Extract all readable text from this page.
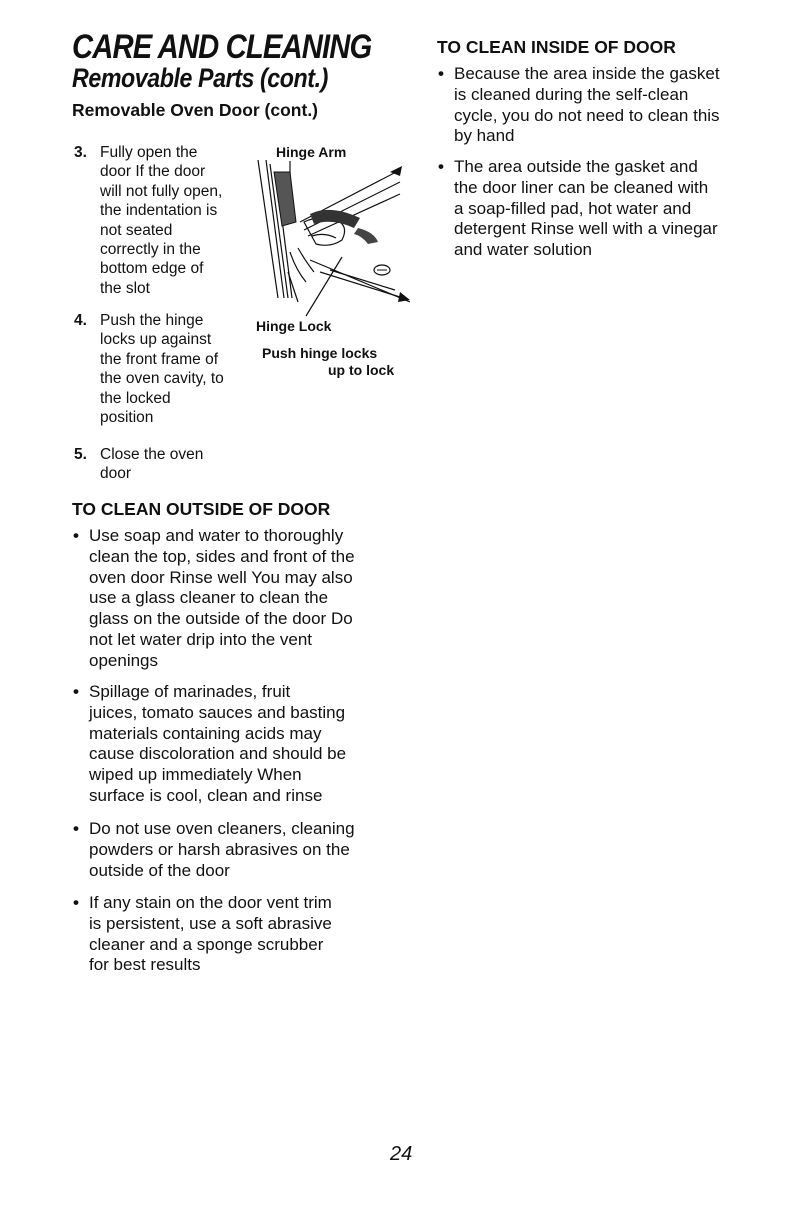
CARE AND CLEANING
Removable Parts (cont.)
Removable Oven Door (cont.)
3. Fully open the
door If the door
will not fully open,
the indentation is
not seated
correctly in the
bottom edge of
the slot
4. Push the hinge
locks up against
the front frame of
the oven cavity, to
the locked
position
5. Close the oven
door
Hinge Arm
Hinge Lock
Push hinge locks
up to lock
TO CLEAN OUTSIDE OF DOOR
• Use soap and water to thoroughly
clean the top, sides and front of the
oven door Rinse well You may also
use a glass cleaner to clean the
glass on the outside of the door Do
not let water drip into the vent
openings
• Spillage of marinades, fruit
juices, tomato sauces and basting
materials containing acids may
cause discoloration and should be
wiped up immediately When
surface is cool, clean and rinse
• Do not use oven cleaners, cleaning
powders or harsh abrasives on the
outside of the door
• If any stain on the door vent trim
is persistent, use a soft abrasive
cleaner and a sponge scrubber
for best results
TO CLEAN INSIDE OF DOOR
• Because the area inside the gasket
is cleaned during the self-clean
cycle, you do not need to clean this
by hand
• The area outside the gasket and
the door liner can be cleaned with
a soap-filled pad, hot water and
detergent Rinse well with a vinegar
and water solution
24
